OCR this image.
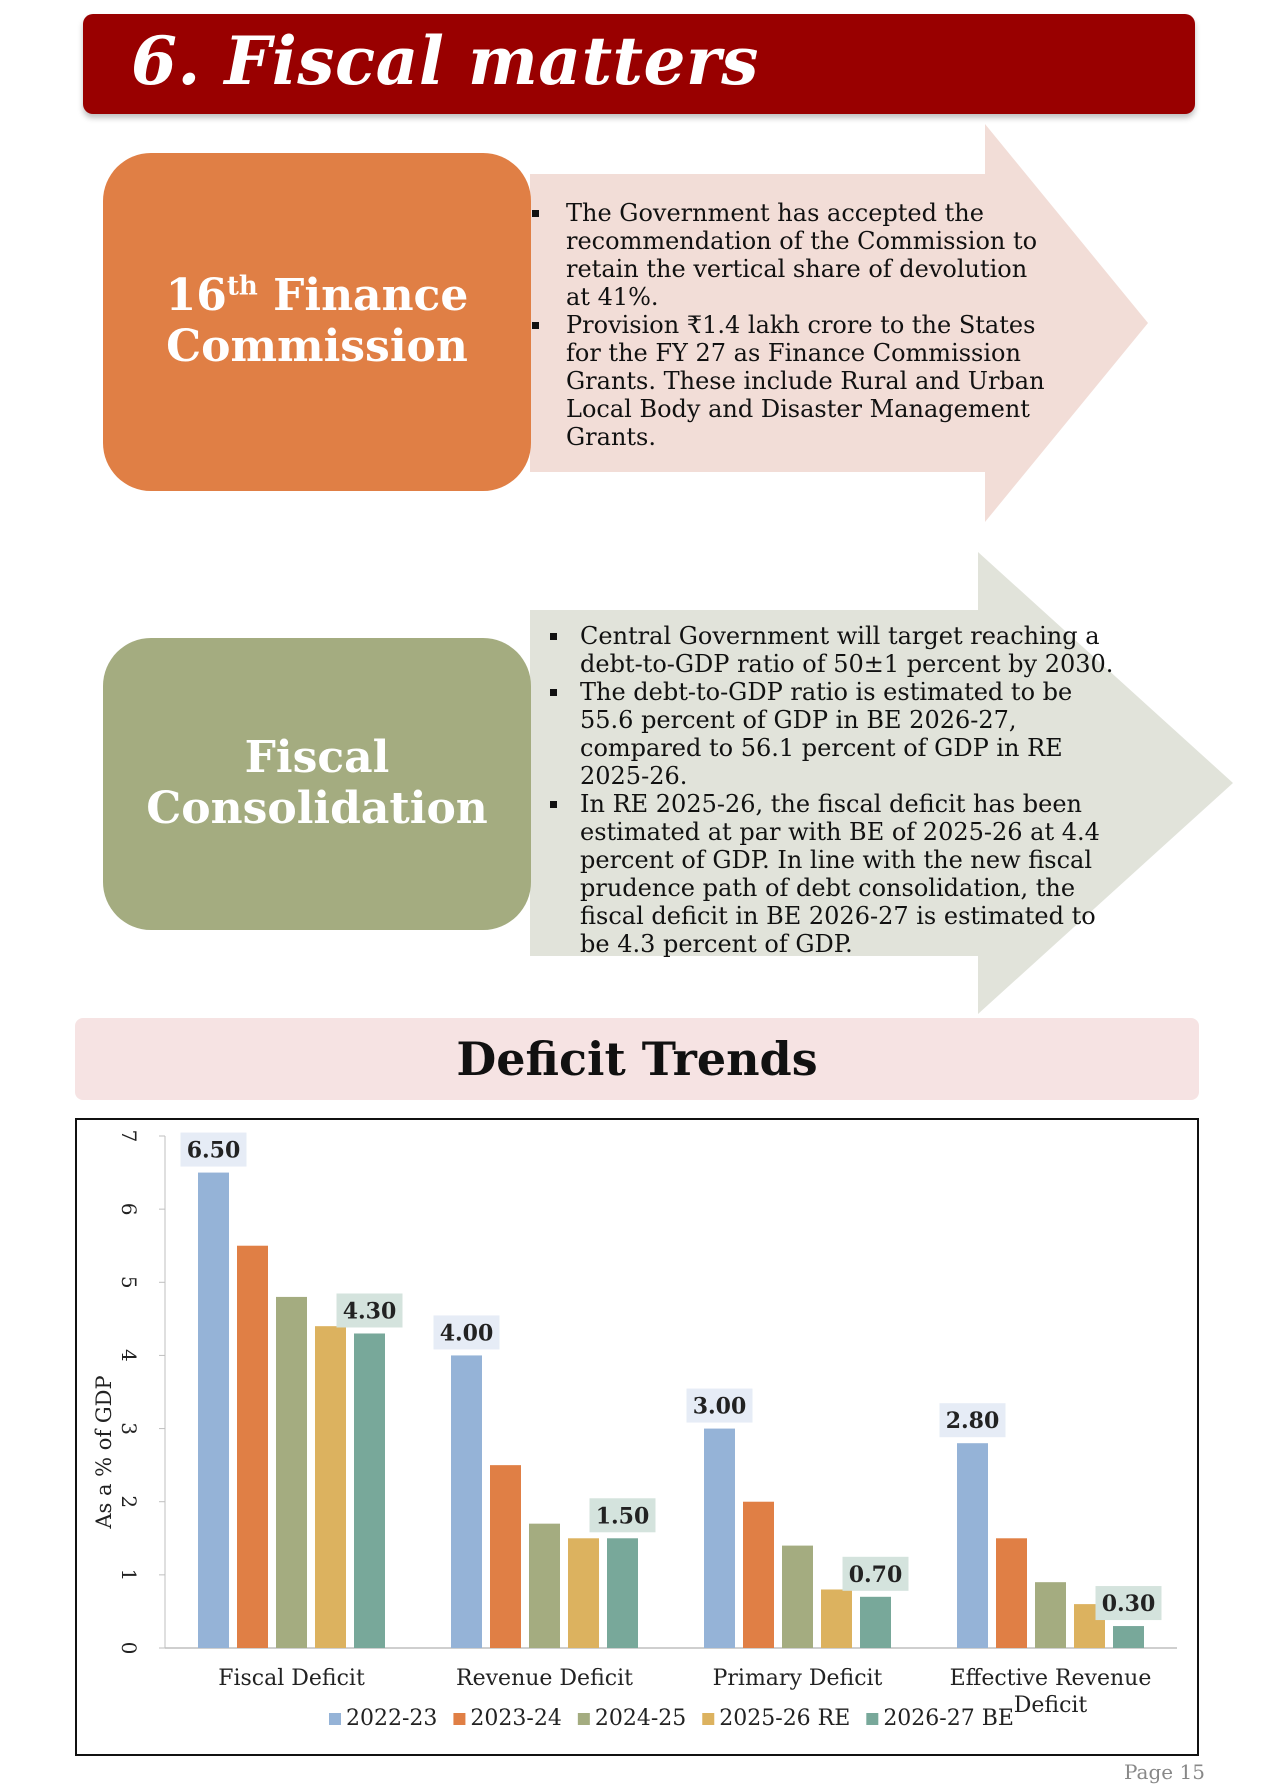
6. Fiscal matters
16th Finance
Commission
The Government has accepted the recommendation of the Commission to retain the vertical share of devolution at 41%.
Provision ₹1.4 lakh crore to the States for the FY 27 as Finance Commission Grants. These include Rural and Urban Local Body and Disaster Management Grants.
Fiscal
Consolidation
Central Government will target reaching a debt-to-GDP ratio of 50±1 percent by 2030.
The debt-to-GDP ratio is estimated to be 55.6 percent of GDP in BE 2026-27, compared to 56.1 percent of GDP in RE 2025-26.
In RE 2025-26, the fiscal deficit has been estimated at par with BE of 2025-26 at 4.4 percent of GDP. In line with the new fiscal prudence path of debt consolidation, the fiscal deficit in BE 2026-27 is estimated to be 4.3 percent of GDP.
Deficit Trends
0
1
2
3
4
5
6
7
As a % of GDP
Fiscal Deficit	Revenue Deficit	Primary Deficit	Effective Revenue
Deficit
6.50
4.30
4.00
1.50
3.00
0.70
2.80
0.30
2022-23 2023-24 2024-25 2025-26 RE 2026-27 BE
Page 15
